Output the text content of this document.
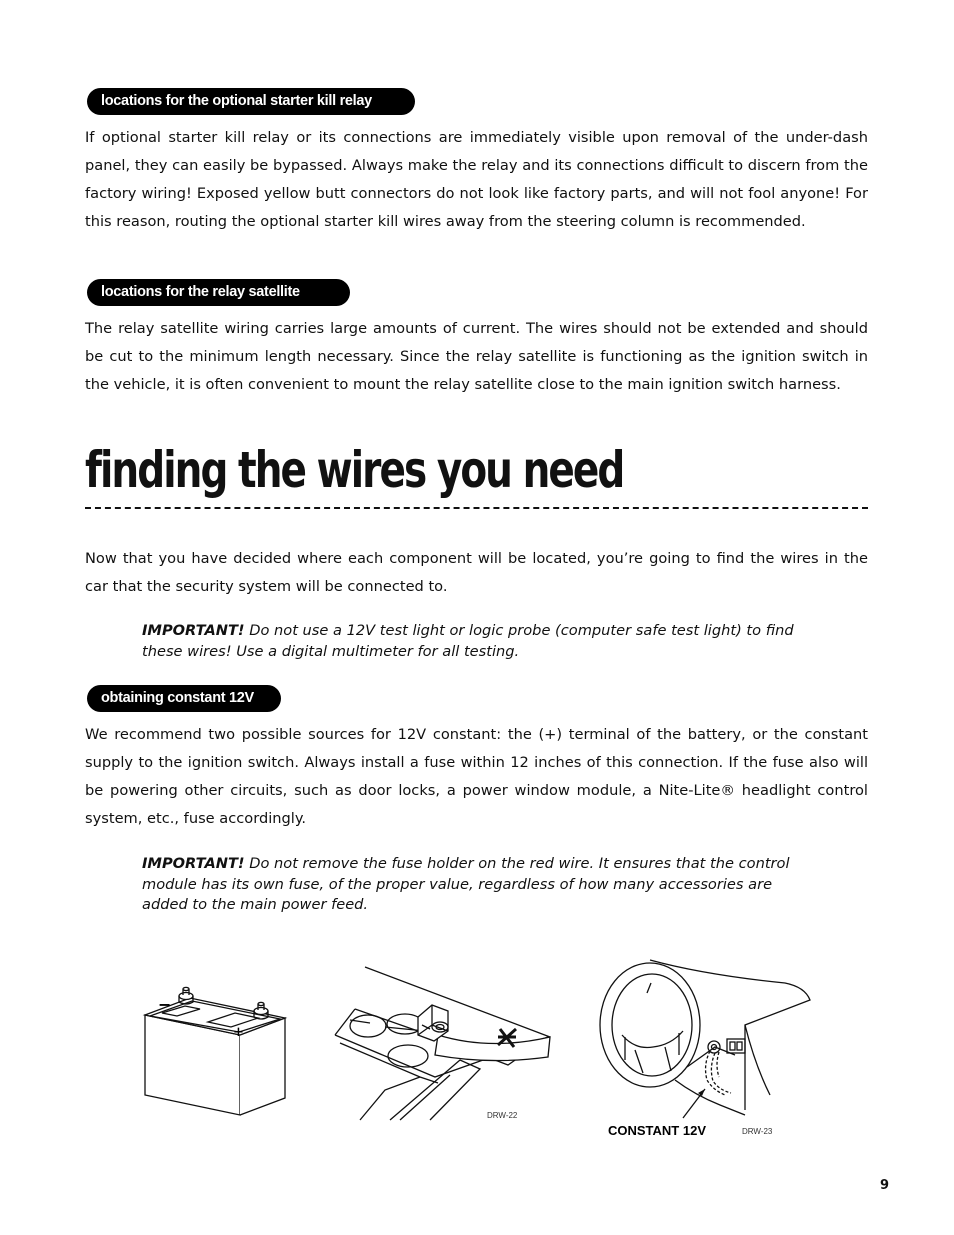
locations for the optional starter kill relay

If optional starter kill relay or its connections are immediately visible upon removal of the under-dash panel, they can easily be bypassed. Always make the relay and its connections difficult to discern from the factory wiring! Exposed yellow butt connectors do not look like factory parts, and will not fool anyone! For this reason, routing the optional starter kill wires away from the steering column is recommended.

locations for the relay satellite

The relay satellite wiring carries large amounts of current. The wires should not be extended and should be cut to the minimum length necessary. Since the relay satellite is functioning as the ignition switch in the vehicle, it is often convenient to mount the relay satellite close to the main ignition switch harness.

finding the wires you need

Now that you have decided where each component will be located, you’re going to find the wires in the car that the security system will be connected to.

IMPORTANT! Do not use a 12V test light or logic probe (computer safe test light) to find these wires! Use a digital multimeter for all testing.

obtaining constant 12V

We recommend two possible sources for 12V constant: the (+) terminal of the battery, or the constant supply to the ignition switch. Always install a fuse within 12 inches of this connection. If the fuse also will be powering other circuits, such as door locks, a power window module, a Nite-Lite® headlight control system, etc., fuse accordingly.

IMPORTANT! Do not remove the fuse holder on the red wire. It ensures that the control module has its own fuse, of the proper value, regardless of how many accessories are added to the main power feed.

−
+
DRW-22
CONSTANT 12V	DRW-23
9
